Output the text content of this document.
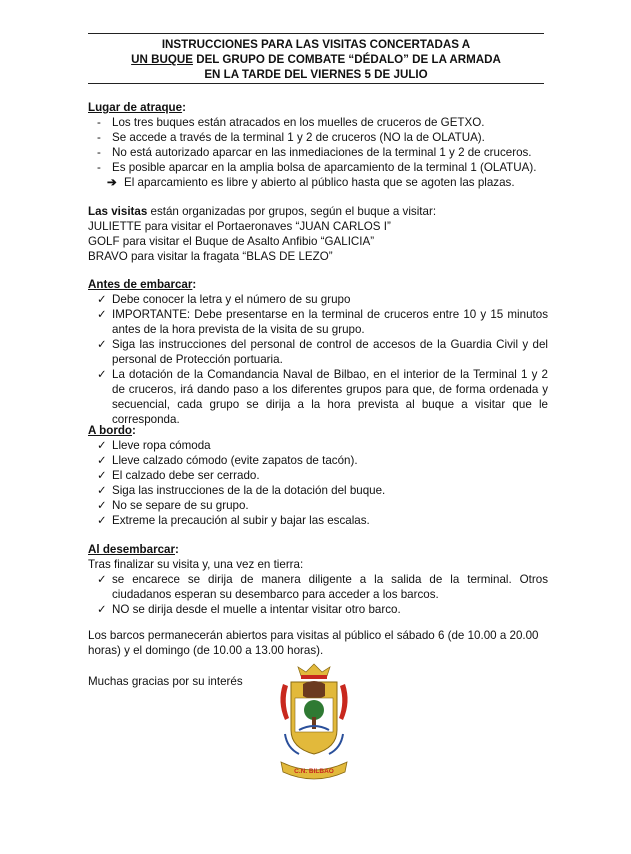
INSTRUCCIONES PARA LAS VISITAS CONCERTADAS A
UN BUQUE DEL GRUPO DE COMBATE “DÉDALO” DE LA ARMADA
EN LA TARDE DEL VIERNES 5 DE JULIO
Lugar de atraque:
- Los tres buques están atracados en los muelles de cruceros de GETXO.
- Se accede a través de la terminal 1 y 2 de cruceros (NO la de OLATUA).
- No está autorizado aparcar en las inmediaciones de la terminal 1 y 2 de cruceros.
- Es posible aparcar en la amplia bolsa de aparcamiento de la terminal 1 (OLATUA).
➔ El aparcamiento es libre y abierto al público hasta que se agoten las plazas.
Las visitas están organizadas por grupos, según el buque a visitar:
JULIETTE para visitar el Portaeronaves “JUAN CARLOS I”
GOLF para visitar el Buque de Asalto Anfibio “GALICIA”
BRAVO para visitar la fragata “BLAS DE LEZO”
Antes de embarcar:
✓ Debe conocer la letra y el número de su grupo
✓ IMPORTANTE: Debe presentarse en la terminal de cruceros entre 10 y 15 minutos antes de la hora prevista de la visita de su grupo.
✓ Siga las instrucciones del personal de control de accesos de la Guardia Civil y del personal de Protección portuaria.
✓ La dotación de la Comandancia Naval de Bilbao, en el interior de la Terminal 1 y 2 de cruceros, irá dando paso a los diferentes grupos para que, de forma ordenada y secuencial, cada grupo se dirija a la hora prevista al buque a visitar que le corresponda.
A bordo:
✓ Lleve ropa cómoda
✓ Lleve calzado cómodo (evite zapatos de tacón).
✓ El calzado debe ser cerrado.
✓ Siga las instrucciones de la de la dotación del buque.
✓ No se separe de su grupo.
✓ Extreme la precaución al subir y bajar las escalas.
Al desembarcar:
Tras finalizar su visita y, una vez en tierra:
✓ se encarece se dirija de manera diligente a la salida de la terminal. Otros ciudadanos esperan su desembarco para acceder a los barcos.
✓ NO se dirija desde el muelle a intentar visitar otro barco.
Los barcos permanecerán abiertos para visitas al público el sábado 6 (de 10.00 a 20.00 horas) y el domingo (de 10.00 a 13.00 horas).
Muchas gracias por su interés
C.N. BILBAO
